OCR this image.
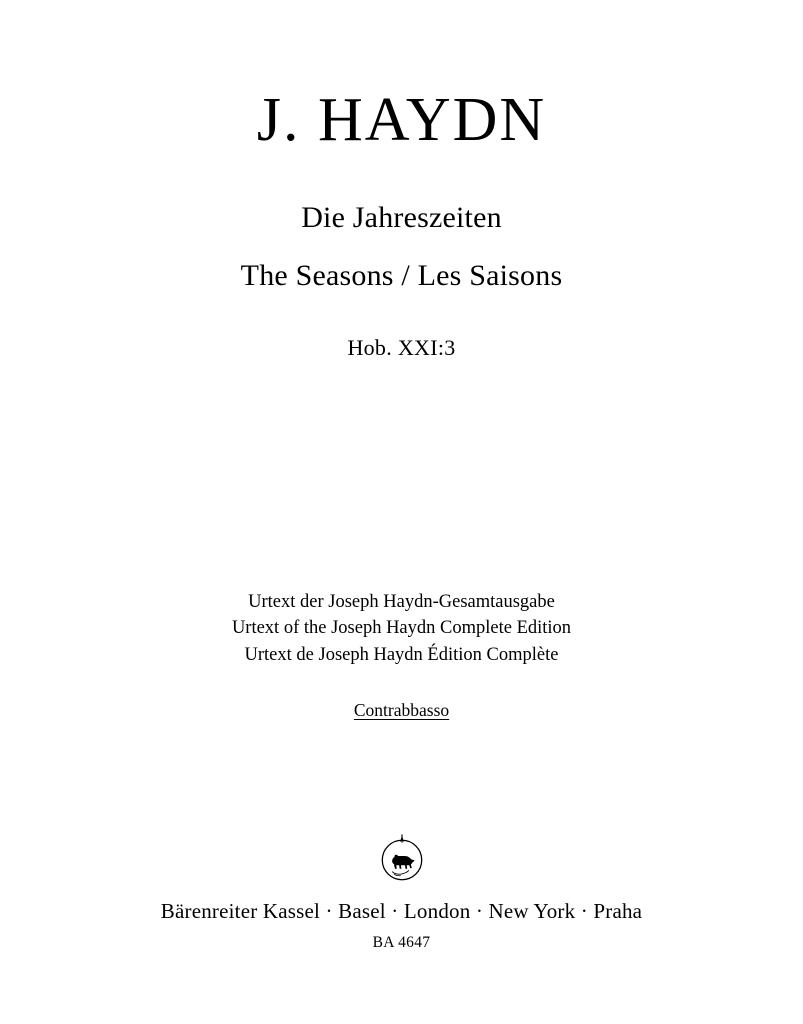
J. HAYDN
Die Jahreszeiten
The Seasons / Les Saisons
Hob. XXI:3
Urtext der Joseph Haydn-Gesamtausgabe
Urtext of the Joseph Haydn Complete Edition
Urtext de Joseph Haydn Édition Complète
Contrabbasso
Bärenreiter Kassel · Basel · London · New York · Praha
BA 4647
